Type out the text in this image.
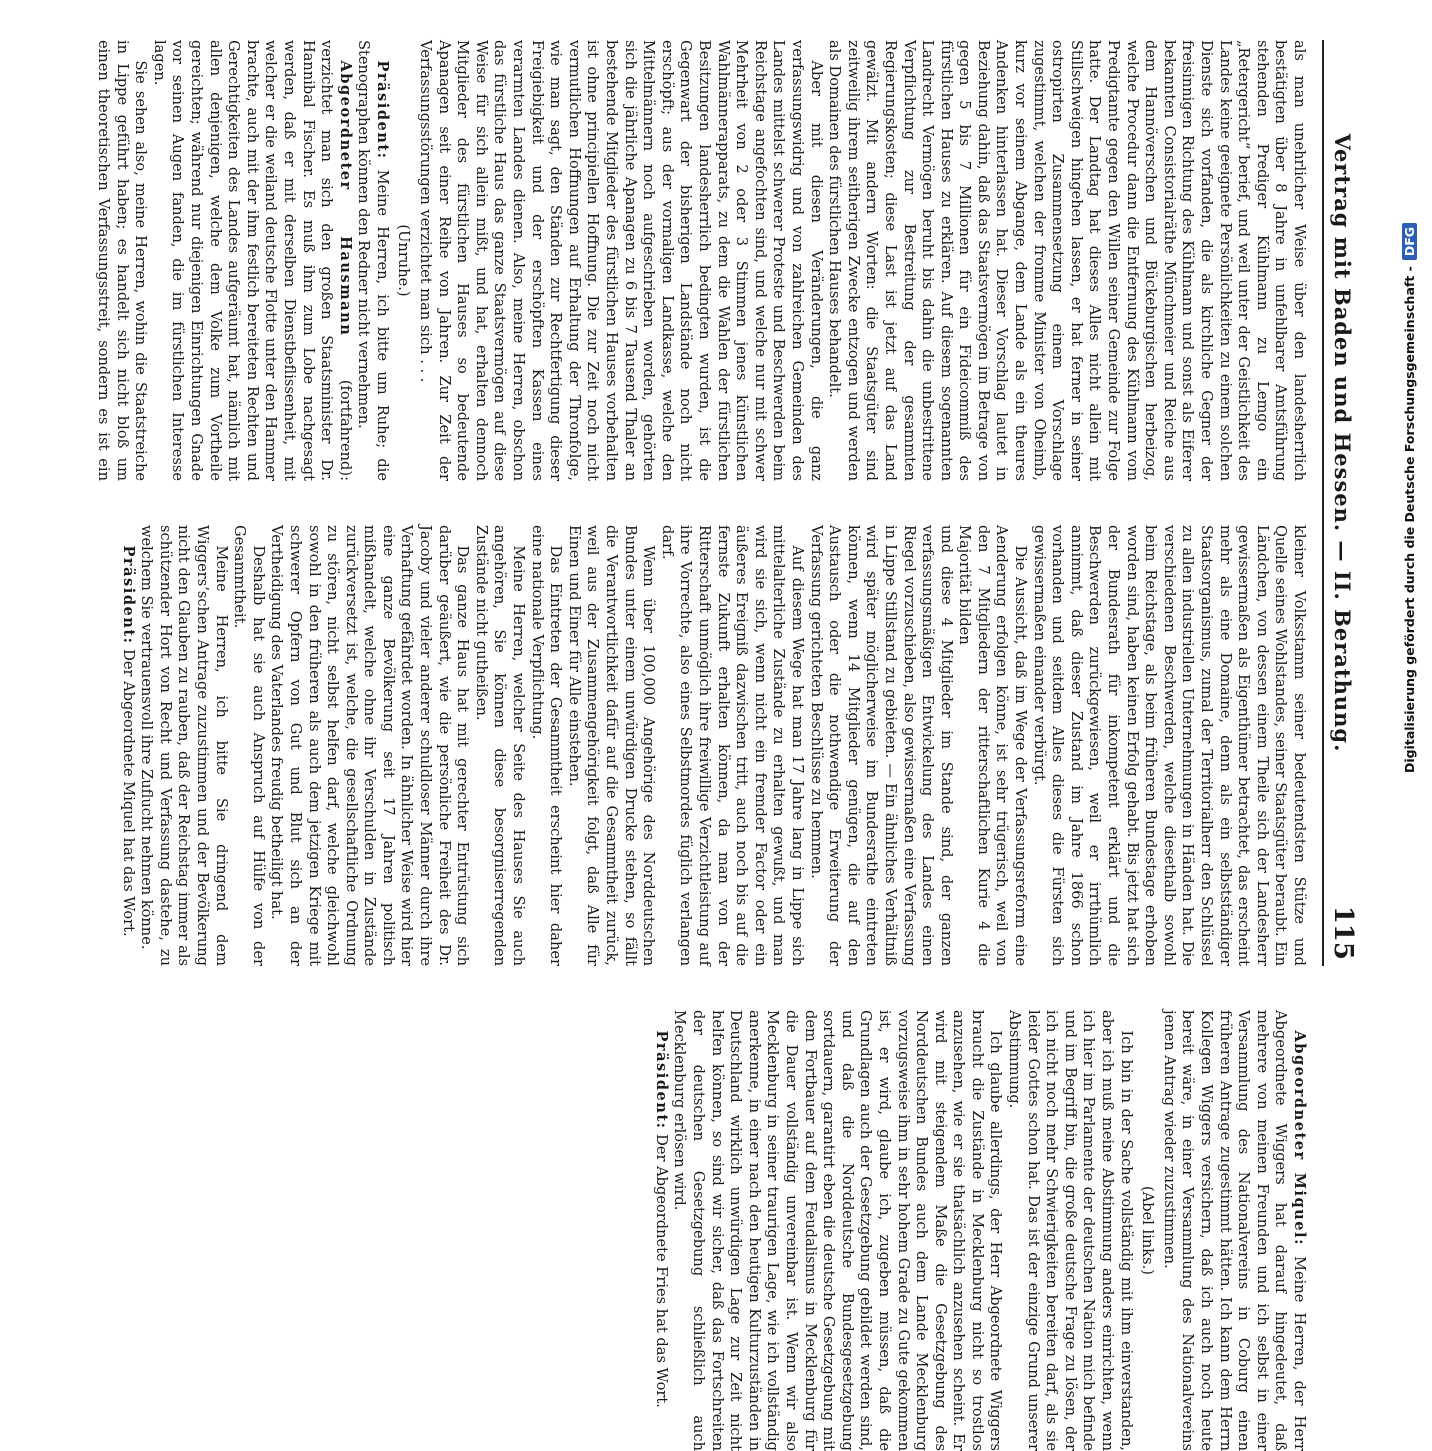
Vertrag mit Baden und Hessen. — II. Berathung.
115

als man unehrlicher Weise über den landesherrlich bestätigten über 8 Jahre in unfehlbarer Amtsführung stehenden Prediger Kühlmann zu Lemgo ein „Retergericht“ berief, und weil unter der Geistlichkeit des Landes keine geeignete Persönlichkeiten zu einem solchen Dienste sich vorfanden, die als kirchliche Gegner der freisinnigen Richtung des Kühlmann und sonst als Eiferer bekannten Consistorialräthe Münchmeier und Reiche aus dem Hannöverschen und Bückeburgischen herbeizog, welche Procedur dann die Entfernung des Kühlmann vom Predigtamte gegen den Willen seiner Gemeinde zur Folge hatte. Der Landtag hat dieses Alles nicht allein mit Stillschweigen hingehen lassen, er hat ferner in seiner ostropirten Zusammensetzung einem Vorschlage zugestimmt, welchen der fromme Minister von Oheimb, kurz vor seinem Abgange, dem Lande als ein theures Andenken hinterlassen hat. Dieser Vorschlag lautet in Beziehung dahin, daß das Staatsvermögen im Betrage von gegen 5 bis 7 Millionen für ein Fideicommiß des fürstlichen Hauses zu erklären. Auf diesem sogenannten Landrecht Vermögen beruht bis dahin die unbestrittene Verpflichtung zur Bestreitung der gesammten Regierungskosten; diese Last ist jetzt auf das Land gewälzt. Mit andern Worten: die Staatsgüter sind zeitweilig ihrem seitherigen Zwecke entzogen und werden als Domainen des fürstlichen Hauses behandelt.

Aber mit diesen Veränderungen, die ganz verfassungswidrig und von zahlreichen Gemeinden des Landes mittelst schwerer Proteste und Beschwerden beim Reichstage angefochten sind, und welche nur mit schwer Mehrheit von 2 oder 3 Stimmen jenes künstlichen Wahlmännerapparats, zu dem die Wahlen der fürstlichen Besitzungen landesherrlich bedingten wurden, ist die Gegenwart der bisherigen Landstände noch nicht erschöpft; aus der vormaligen Landkasse, welche den Mittelmännern noch aufgeschrieben worden, gehörten sich die jährliche Apanagen zu 6 bis 7 Tausend Thaler an bestehende Mitglieder des fürstlichen Hauses vorbehalten ist ohne principiellen Hoffnung. Die zur Zeit noch nicht vermutlichen Hoffnungen auf Erhaltung der Thronfolge, wie man sagt, den Ständen zur Rechtfertigung dieser Freigiebigkeit und der erschöpften Kassen eines verarmten Landes dienen. Also, meine Herren, obschon das fürstliche Haus das ganze Staatsvermögen auf diese Weise für sich allein mißt, und hat, erhalten dennoch Mitglieder des fürstlichen Hauses so bedeutende Apanagen seit einer Reihe von Jahren. Zur Zeit der Verfassungsstörungen verzichtet man sich . . .

(Unruhe.)

Präsident: Meine Herren, ich bitte um Ruhe; die Stenographen können den Redner nicht vernehmen.

Abgeordneter Hausmann (fortfahrend): verzichtet man sich den großen Staatsminister Dr. Hannibal Fischer. Es muß ihm zum Lobe nachgesagt werden, daß er mit derselben Dienstbeflissenheit, mit welcher er die weiland deutsche Flotte unter den Hammer brachte, auch mit der ihm festlich bereiteten Rechten und Gerechtigkeiten des Landes aufgeräumt hat, nämlich mit allen denjenigen, welche dem Volke zum Vortheile gereichten; während nur diejenigen Einrichtungen Gnade vor seinen Augen fanden, die im fürstlichen Interesse lagen.

Sie sehen also, meine Herren, wohin die Staatstreiche in Lippe geführt haben; es handelt sich nicht bloß um einen theoretischen Verfassungsstreit, sondern es ist ein kleiner Volksstamm seiner bedeutendsten Stütze und Quelle seines Wohlstandes, seiner Staatsgüter beraubt. Ein Ländchen, von dessen einem Theile sich der Landesherr gewissermaßen als Eigenthümer betrachtet, das erscheint mehr als eine Domaine, denn als ein selbstständiger Staatsorganismus, zumal der Territorialherr den Schlüssel zu allen industriellen Unternehmungen in Händen hat. Die verschiedenen Beschwerden, welche diesethalb sowohl beim Reichstage, als beim früheren Bundestage erhoben worden sind, haben keinen Erfolg gehabt. Bis jetzt hat sich der Bundesrath für inkompetent erklärt und die Beschwerden zurückgewiesen, weil er irrthümlich annimmt, daß dieser Zustand im Jahre 1866 schon vorhanden und seitdem Alles dieses die Fürsten sich gewissermaßen einander verbürgt.

Die Aussicht, daß im Wege der Verfassungsreform eine Aenderung erfolgen könne, ist sehr trügerisch, weil von den 7 Mitgliedern der ritterschaftlichen Kurie 4 die Majorität bilden

und diese 4 Mitglieder im Stande sind, der ganzen verfassungsmäßigen Entwickelung des Landes einen Riegel vorzuschieben, also gewissermaßen eine Verfassung in Lippe Stillstand zu gebieten. — Ein ähnliches Verhältniß wird später möglicherweise im Bundesrathe eintreten können, wenn 14 Mitglieder genügen, die auf den Austausch oder die nothwendige Erweiterung der Verfassung gerichteten Beschlüsse zu hemmen.

Auf diesem Wege hat man 17 Jahre lang in Lippe sich mittelalterliche Zustände zu erhalten gewußt, und man wird sie sich, wenn nicht ein fremder Factor oder ein äußeres Ereigniß dazwischen tritt, auch noch bis auf die fernste Zukunft erhalten können, da man von der Ritterschaft unmöglich ihre freiwillige Verzichtleistung auf ihre Vorrechte, also eines Selbstmordes füglich verlangen darf.

Wenn über 100,000 Angehörige des Norddeutschen Bundes unter einem unwürdigen Drucke stehen, so fällt die Verantwortlichkeit dafür auf die Gesammtheit zurück, weil aus der Zusammengehörigkeit folgt, daß Alle für Einen und Einer für Alle einstehen.

Das Eintreten der Gesammtheit erscheint hier daher eine nationale Verpflichtung.

Meine Herren, welcher Seite des Hauses Sie auch angehören, Sie können diese besorgniserregenden Zustände nicht gutheißen.

Das ganze Haus hat mit gerechter Entrüstung sich darüber geäußert, wie die persönliche Freiheit des Dr. Jacoby und vieler anderer schuldloser Männer durch ihre Verhaftung gefährdet worden. In ähnlicher Weise wird hier eine ganze Bevölkerung seit 17 Jahren politisch mißhandelt, welche ohne ihr Verschulden in Zustände zurückversetzt ist, welche, die gesellschaftliche Ordnung zu stören, nicht selbst helfen darf, welche gleichwohl sowohl in den früheren als auch dem jetzigen Kriege mit schwerer Opfern von Gut und Blut sich an der Vertheidigung des Vaterlandes freudig betheiligt hat.

Deshalb hat sie auch Anspruch auf Hülfe von der Gesammtheit.

Meine Herren, ich bitte Sie dringend dem Wiggers’schen Antrage zuzustimmen und der Bevölkerung nicht den Glauben zu rauben, daß der Reichstag immer als schützender Hort von Recht und Verfassung dastehe, zu welchem Sie vertrauensvoll ihre Zuflucht nehmen könne.

Präsident: Der Abgeordnete Miquel hat das Wort.

Abgeordneter Miquel: Meine Herren, der Herr Abgeordnete Wiggers hat darauf hingedeutet, daß mehrere von meinen Freunden und ich selbst in einer Versammlung des Nationalvereins in Coburg einen früheren Antrage zugestimmt hätten. Ich kann dem Herrn Kollegen Wiggers versichern, daß ich auch noch heute bereit wäre, in einer Versammlung des Nationalvereins jenen Antrag wieder zuzustimmen.

(Abel links.)

Ich bin in der Sache vollständig mit ihm einverstanden, aber ich muß meine Abstimmung anders einrichten, wenn ich hier im Parlamente der deutschen Nation mich befinde und im Begriff bin, die große deutsche Frage zu lösen, der ich nicht noch mehr Schwierigkeiten bereiten darf, als sie leider Gottes schon hat. Das ist der einzige Grund unserer Abstimmung.

Ich glaube allerdings, der Herr Abgeordnete Wiggers braucht die Zustände in Mecklenburg nicht so trostlos anzusehen, wie er sie thatsächlich anzusehen scheint. Er wird mit steigendem Maße die Gesetzgebung des Norddeutschen Bundes auch dem Lande Mecklenburg vorzugsweise ihm in sehr hohem Grade zu Gute gekommen ist, er wird, glaube ich, zugeben müssen, daß die Grundlagen auch der Gesetzgebung gebildet werden sind, und daß die Norddeutsche Bundesgesetzgebung sortdauern, garantirt eben die deutsche Gesetzgebung mit dem Fortbauer auf dem Feudalismus in Mecklenburg für die Dauer vollständig unvereinbar ist. Wenn wir also Mecklenburg in seiner traurigen Lage, wie ich vollständig anerkenne, in einer nach den heutigen Kulturzuständen in Deutschland wirklich unwürdigen Lage zur Zeit nicht helfen können, so sind wir sicher, daß das Fortschreiten der deutschen Gesetzgebung schließlich auch Mecklenburg erlösen wird.

Präsident: Der Abgeordnete Fries hat das Wort.

Digitalisierung gefördert durch die Deutsche Forschungsgemeinschaft -DFG
